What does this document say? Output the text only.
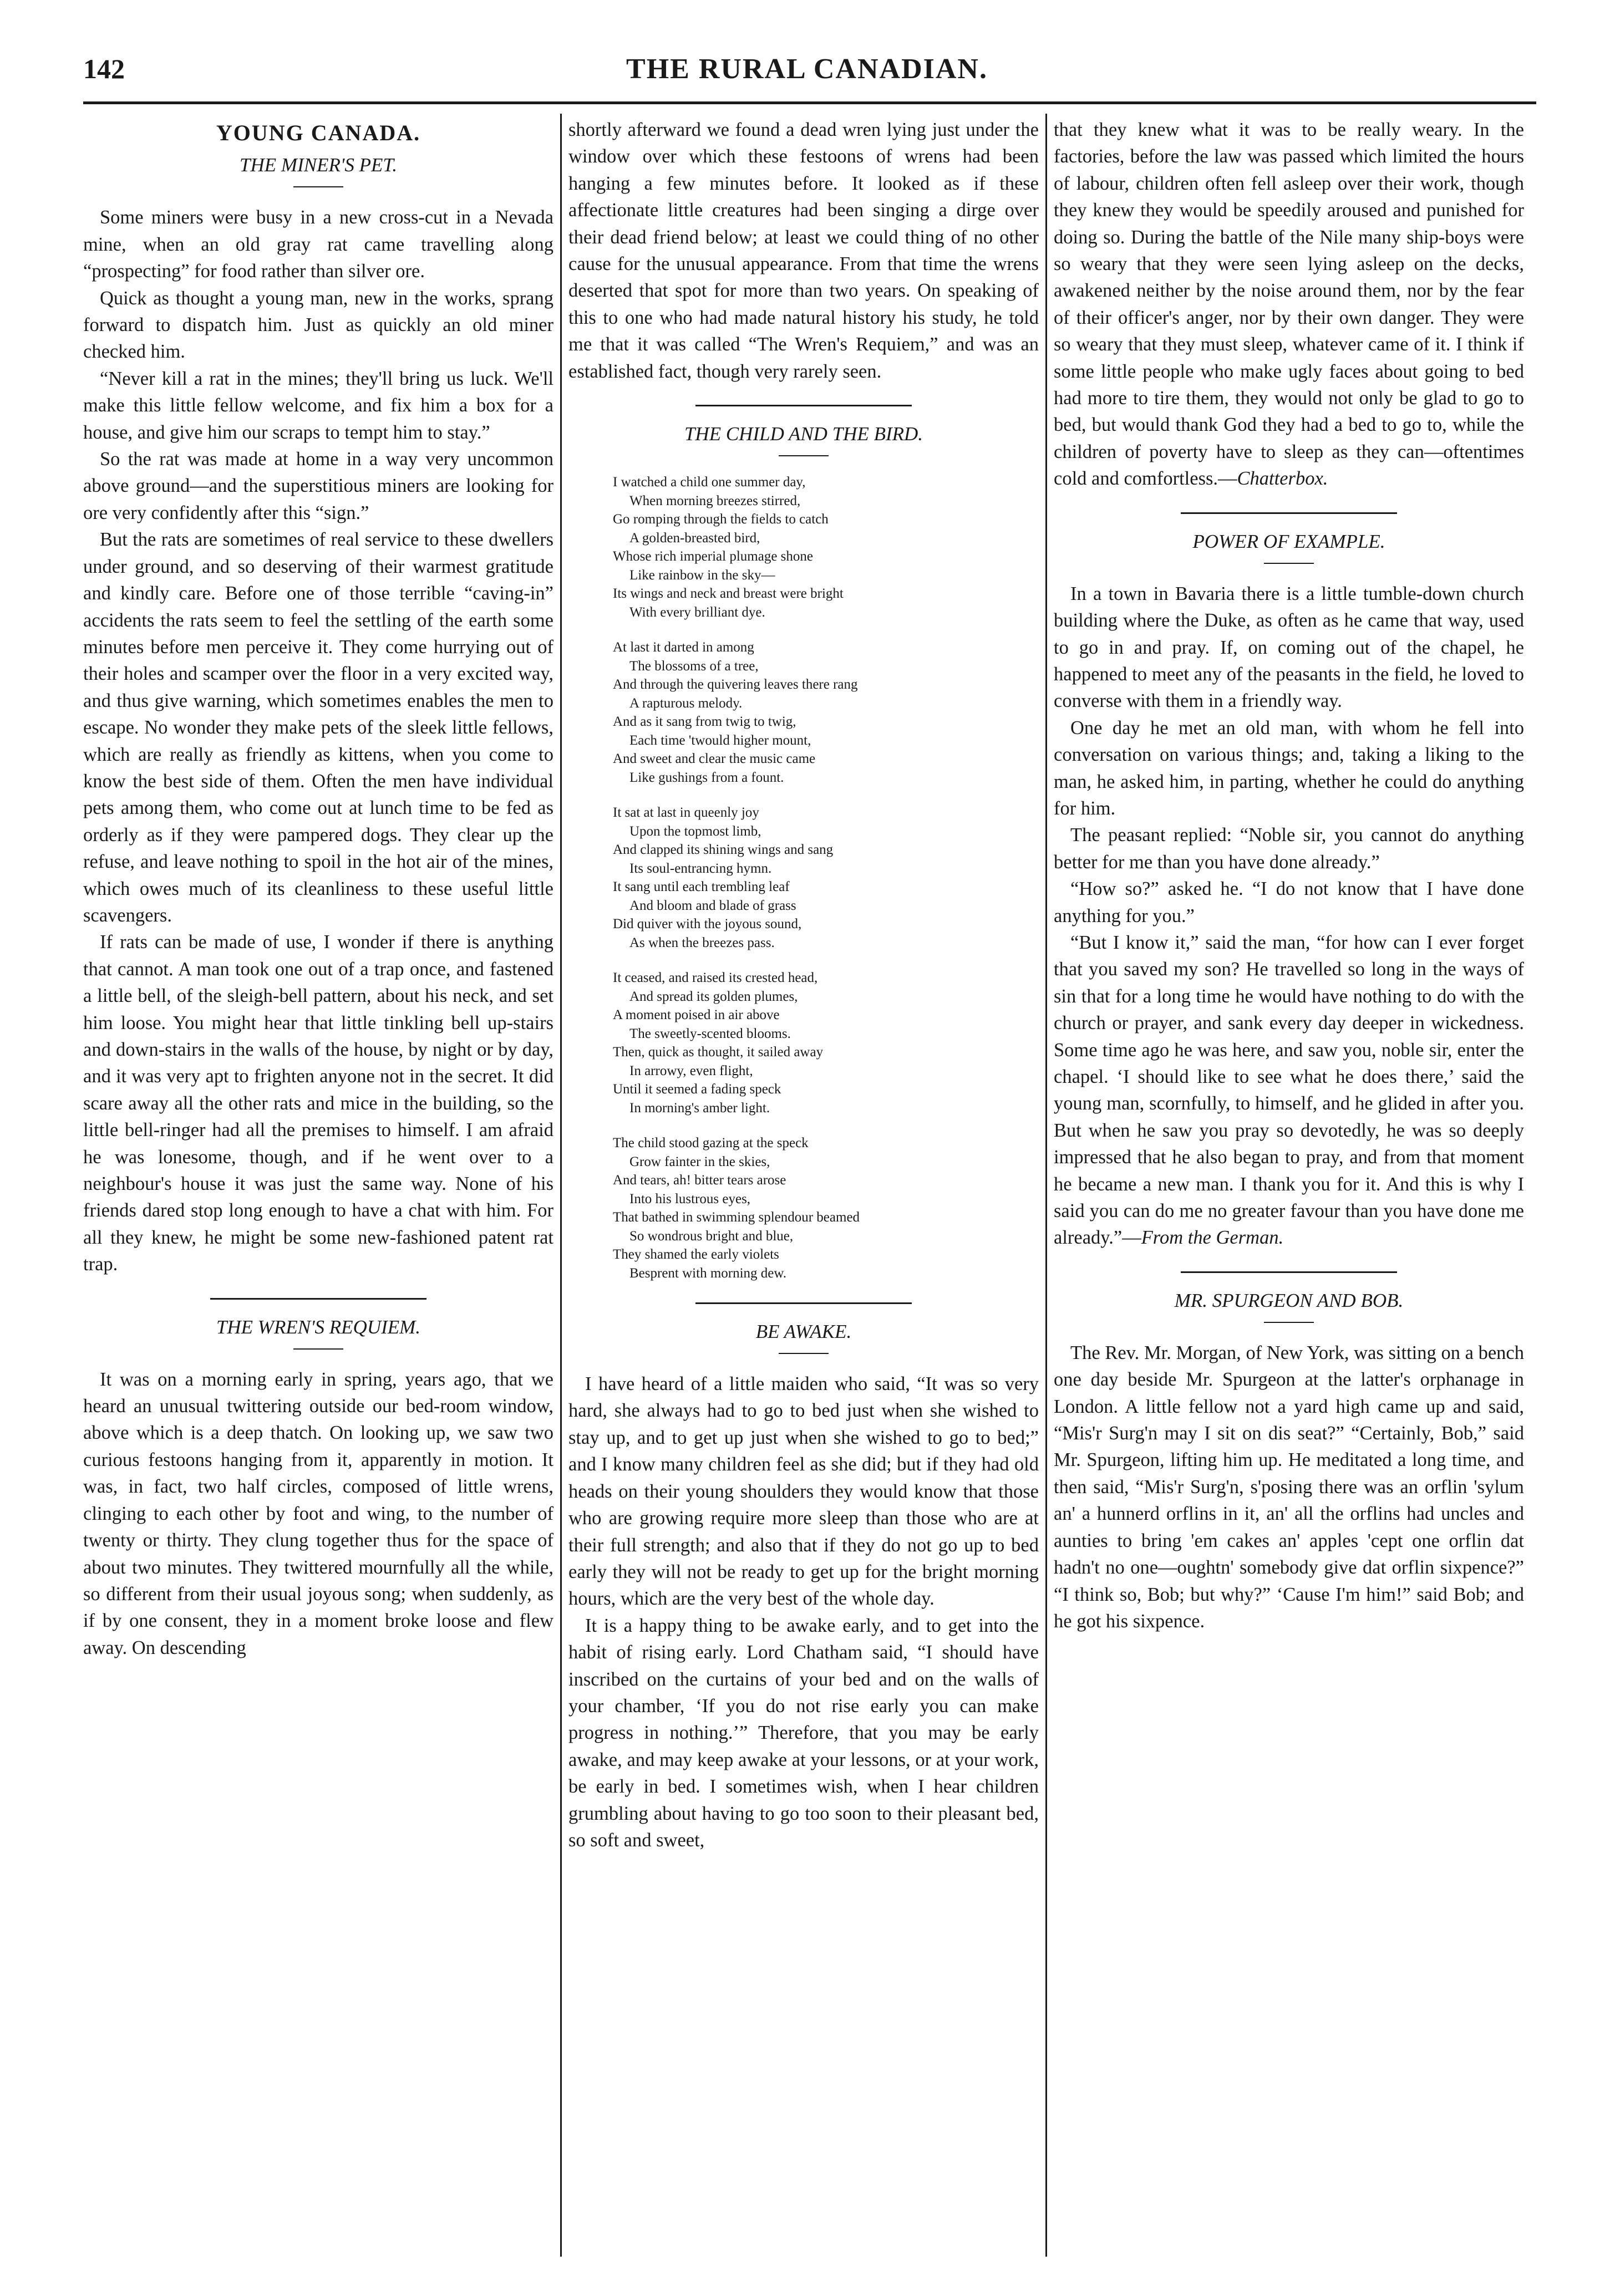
142	THE RURAL CANADIAN.
YOUNG CANADA.
THE MINER'S PET.

Some miners were busy in a new cross-cut in a Nevada mine, when an old gray rat came travelling along “prospecting” for food rather than silver ore.

Quick as thought a young man, new in the works, sprang forward to dispatch him. Just as quickly an old miner checked him.

“Never kill a rat in the mines; they'll bring us luck. We'll make this little fellow welcome, and fix him a box for a house, and give him our scraps to tempt him to stay.”

So the rat was made at home in a way very uncommon above ground—and the superstitious miners are looking for ore very confidently after this “sign.”

But the rats are sometimes of real service to these dwellers under ground, and so deserving of their warmest gratitude and kindly care. Before one of those terrible “caving-in” accidents the rats seem to feel the settling of the earth some minutes before men perceive it. They come hurrying out of their holes and scamper over the floor in a very excited way, and thus give warning, which sometimes enables the men to escape. No wonder they make pets of the sleek little fellows, which are really as friendly as kittens, when you come to know the best side of them. Often the men have individual pets among them, who come out at lunch time to be fed as orderly as if they were pampered dogs. They clear up the refuse, and leave nothing to spoil in the hot air of the mines, which owes much of its cleanliness to these useful little scavengers.

If rats can be made of use, I wonder if there is anything that cannot. A man took one out of a trap once, and fastened a little bell, of the sleigh-bell pattern, about his neck, and set him loose. You might hear that little tinkling bell up-stairs and down-stairs in the walls of the house, by night or by day, and it was very apt to frighten anyone not in the secret. It did scare away all the other rats and mice in the building, so the little bell-ringer had all the premises to himself. I am afraid he was lonesome, though, and if he went over to a neighbour's house it was just the same way. None of his friends dared stop long enough to have a chat with him. For all they knew, he might be some new-fashioned patent rat trap.

THE WREN'S REQUIEM.

It was on a morning early in spring, years ago, that we heard an unusual twittering outside our bed-room window, above which is a deep thatch. On looking up, we saw two curious festoons hanging from it, apparently in motion. It was, in fact, two half circles, composed of little wrens, clinging to each other by foot and wing, to the number of twenty or thirty. They clung together thus for the space of about two minutes. They twittered mournfully all the while, so different from their usual joyous song; when suddenly, as if by one consent, they in a moment broke loose and flew away. On descending

shortly afterward we found a dead wren lying just under the window over which these festoons of wrens had been hanging a few minutes before. It looked as if these affectionate little creatures had been singing a dirge over their dead friend below; at least we could thing of no other cause for the unusual appearance. From that time the wrens deserted that spot for more than two years. On speaking of this to one who had made natural history his study, he told me that it was called “The Wren's Requiem,” and was an established fact, though very rarely seen.

THE CHILD AND THE BIRD.
I watched a child one summer day,
When morning breezes stirred,
Go romping through the fields to catch
A golden-breasted bird,
Whose rich imperial plumage shone
Like rainbow in the sky—
Its wings and neck and breast were bright
With every brilliant dye.
At last it darted in among
The blossoms of a tree,
And through the quivering leaves there rang
A rapturous melody.
And as it sang from twig to twig,
Each time 'twould higher mount,
And sweet and clear the music came
Like gushings from a fount.
It sat at last in queenly joy
Upon the topmost limb,
And clapped its shining wings and sang
Its soul-entrancing hymn.
It sang until each trembling leaf
And bloom and blade of grass
Did quiver with the joyous sound,
As when the breezes pass.
It ceased, and raised its crested head,
And spread its golden plumes,
A moment poised in air above
The sweetly-scented blooms.
Then, quick as thought, it sailed away
In arrowy, even flight,
Until it seemed a fading speck
In morning's amber light.
The child stood gazing at the speck
Grow fainter in the skies,
And tears, ah! bitter tears arose
Into his lustrous eyes,
That bathed in swimming splendour beamed
So wondrous bright and blue,
They shamed the early violets
Besprent with morning dew.
BE AWAKE.

I have heard of a little maiden who said, “It was so very hard, she always had to go to bed just when she wished to stay up, and to get up just when she wished to go to bed;” and I know many children feel as she did; but if they had old heads on their young shoulders they would know that those who are growing require more sleep than those who are at their full strength; and also that if they do not go up to bed early they will not be ready to get up for the bright morning hours, which are the very best of the whole day.

It is a happy thing to be awake early, and to get into the habit of rising early. Lord Chatham said, “I should have inscribed on the curtains of your bed and on the walls of your chamber, ‘If you do not rise early you can make progress in nothing.’” Therefore, that you may be early awake, and may keep awake at your lessons, or at your work, be early in bed. I sometimes wish, when I hear children grumbling about having to go too soon to their pleasant bed, so soft and sweet,

that they knew what it was to be really weary. In the factories, before the law was passed which limited the hours of labour, children often fell asleep over their work, though they knew they would be speedily aroused and punished for doing so. During the battle of the Nile many ship-boys were so weary that they were seen lying asleep on the decks, awakened neither by the noise around them, nor by the fear of their officer's anger, nor by their own danger. They were so weary that they must sleep, whatever came of it. I think if some little people who make ugly faces about going to bed had more to tire them, they would not only be glad to go to bed, but would thank God they had a bed to go to, while the children of poverty have to sleep as they can—oftentimes cold and comfortless.—Chatterbox.

POWER OF EXAMPLE.

In a town in Bavaria there is a little tumble-down church building where the Duke, as often as he came that way, used to go in and pray. If, on coming out of the chapel, he happened to meet any of the peasants in the field, he loved to converse with them in a friendly way.

One day he met an old man, with whom he fell into conversation on various things; and, taking a liking to the man, he asked him, in parting, whether he could do anything for him.

The peasant replied: “Noble sir, you cannot do anything better for me than you have done already.”

“How so?” asked he. “I do not know that I have done anything for you.”

“But I know it,” said the man, “for how can I ever forget that you saved my son? He travelled so long in the ways of sin that for a long time he would have nothing to do with the church or prayer, and sank every day deeper in wickedness. Some time ago he was here, and saw you, noble sir, enter the chapel. ‘I should like to see what he does there,’ said the young man, scornfully, to himself, and he glided in after you. But when he saw you pray so devotedly, he was so deeply impressed that he also began to pray, and from that moment he became a new man. I thank you for it. And this is why I said you can do me no greater favour than you have done me already.”—From the German.

MR. SPURGEON AND BOB.

The Rev. Mr. Morgan, of New York, was sitting on a bench one day beside Mr. Spurgeon at the latter's orphanage in London. A little fellow not a yard high came up and said, “Mis'r Surg'n may I sit on dis seat?” “Certainly, Bob,” said Mr. Spurgeon, lifting him up. He meditated a long time, and then said, “Mis'r Surg'n, s'posing there was an orflin 'sylum an' a hunnerd orflins in it, an' all the orflins had uncles and aunties to bring 'em cakes an' apples 'cept one orflin dat hadn't no one—oughtn' somebody give dat orflin sixpence?” “I think so, Bob; but why?” ‘Cause I'm him!” said Bob; and he got his sixpence.
